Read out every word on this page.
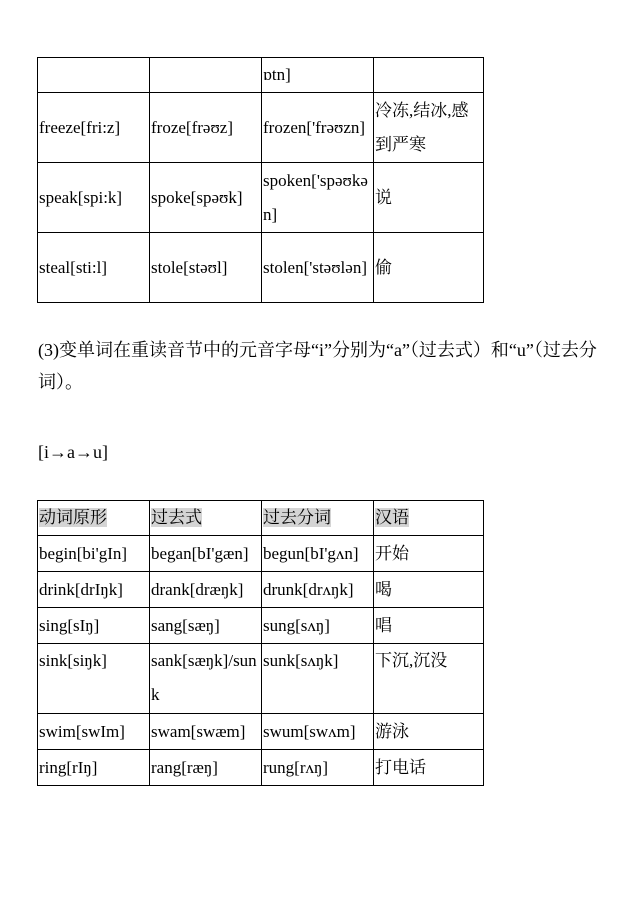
		ɒtn]	
freeze[fri:z]	froze[frəʊz]	frozen['frəʊzn]	冷冻,结冰,感到严寒
speak[spi:k]	spoke[spəʊk]	spoken['spəʊkən]	说
steal[sti:l]	stole[stəʊl]	stolen['stəʊlən]	偷

(3)变单词在重读音节中的元音字母“i”分别为“a”（过去式）和“u”（过去分词）。

[i→a→u]

动词原形	过去式	过去分词	汉语
begin[bi'gIn]	began[bI'gæn]	begun[bI'gʌn]	开始
drink[drIŋk]	drank[dræŋk]	drunk[drʌŋk]	喝
sing[sIŋ]	sang[sæŋ]	sung[sʌŋ]	唱
sink[siŋk]	sank[sæŋk]/sunk	sunk[sʌŋk]	下沉,沉没
swim[swIm]	swam[swæm]	swum[swʌm]	游泳
ring[rIŋ]	rang[ræŋ]	rung[rʌŋ]	打电话
